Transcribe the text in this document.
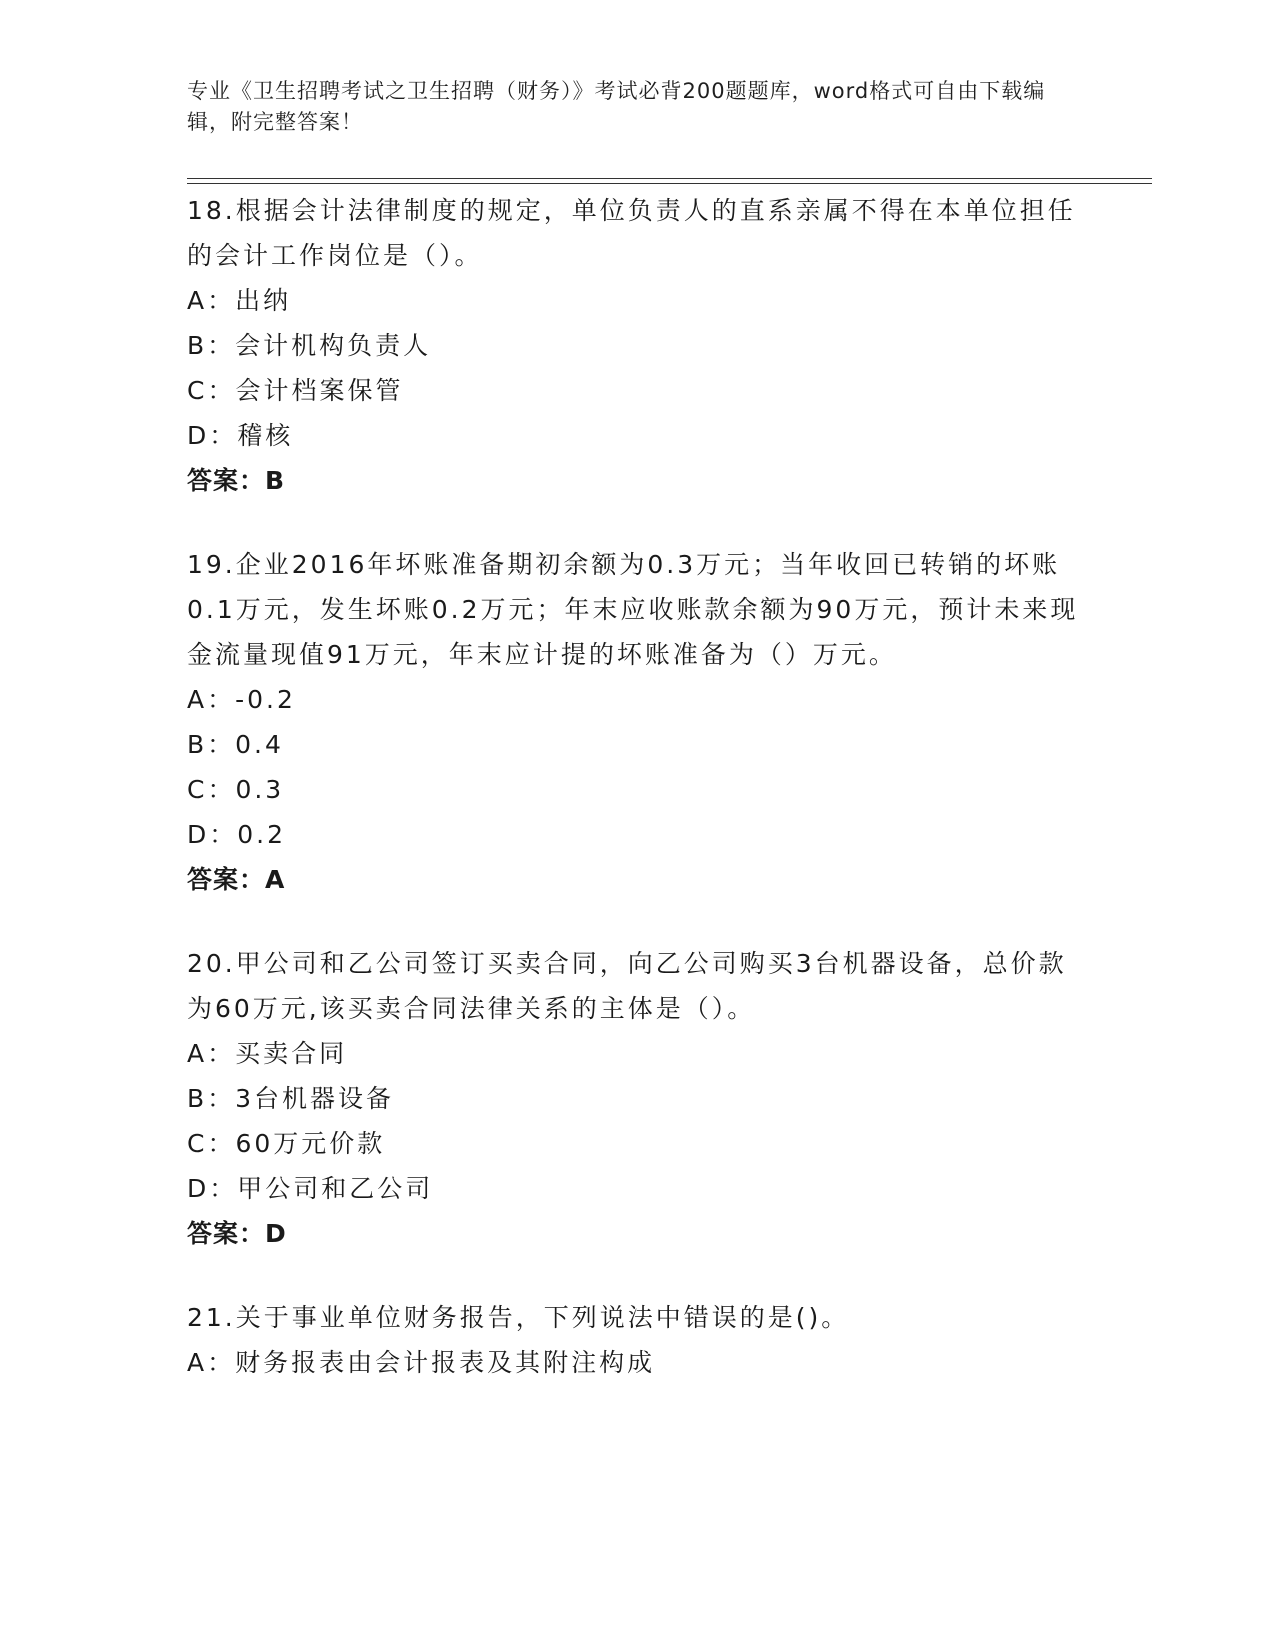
专业《卫生招聘考试之卫生招聘（财务）》考试必背200题题库，word格式可自由下载编辑，附完整答案！

18.根据会计法律制度的规定，单位负责人的直系亲属不得在本单位担任的会计工作岗位是（）。

A：出纳
B：会计机构负责人
C：会计档案保管
D：稽核
答案：B

19.企业2016年坏账准备期初余额为0.3万元；当年收回已转销的坏账0.1万元，发生坏账0.2万元；年末应收账款余额为90万元，预计未来现金流量现值91万元，年末应计提的坏账准备为（）万元。

A：-0.2
B：0.4
C：0.3
D：0.2
答案：A

20.甲公司和乙公司签订买卖合同，向乙公司购买3台机器设备，总价款为60万元,该买卖合同法律关系的主体是（）。

A：买卖合同
B：3台机器设备
C：60万元价款
D：甲公司和乙公司
答案：D

21.关于事业单位财务报告，下列说法中错误的是()。

A：财务报表由会计报表及其附注构成
